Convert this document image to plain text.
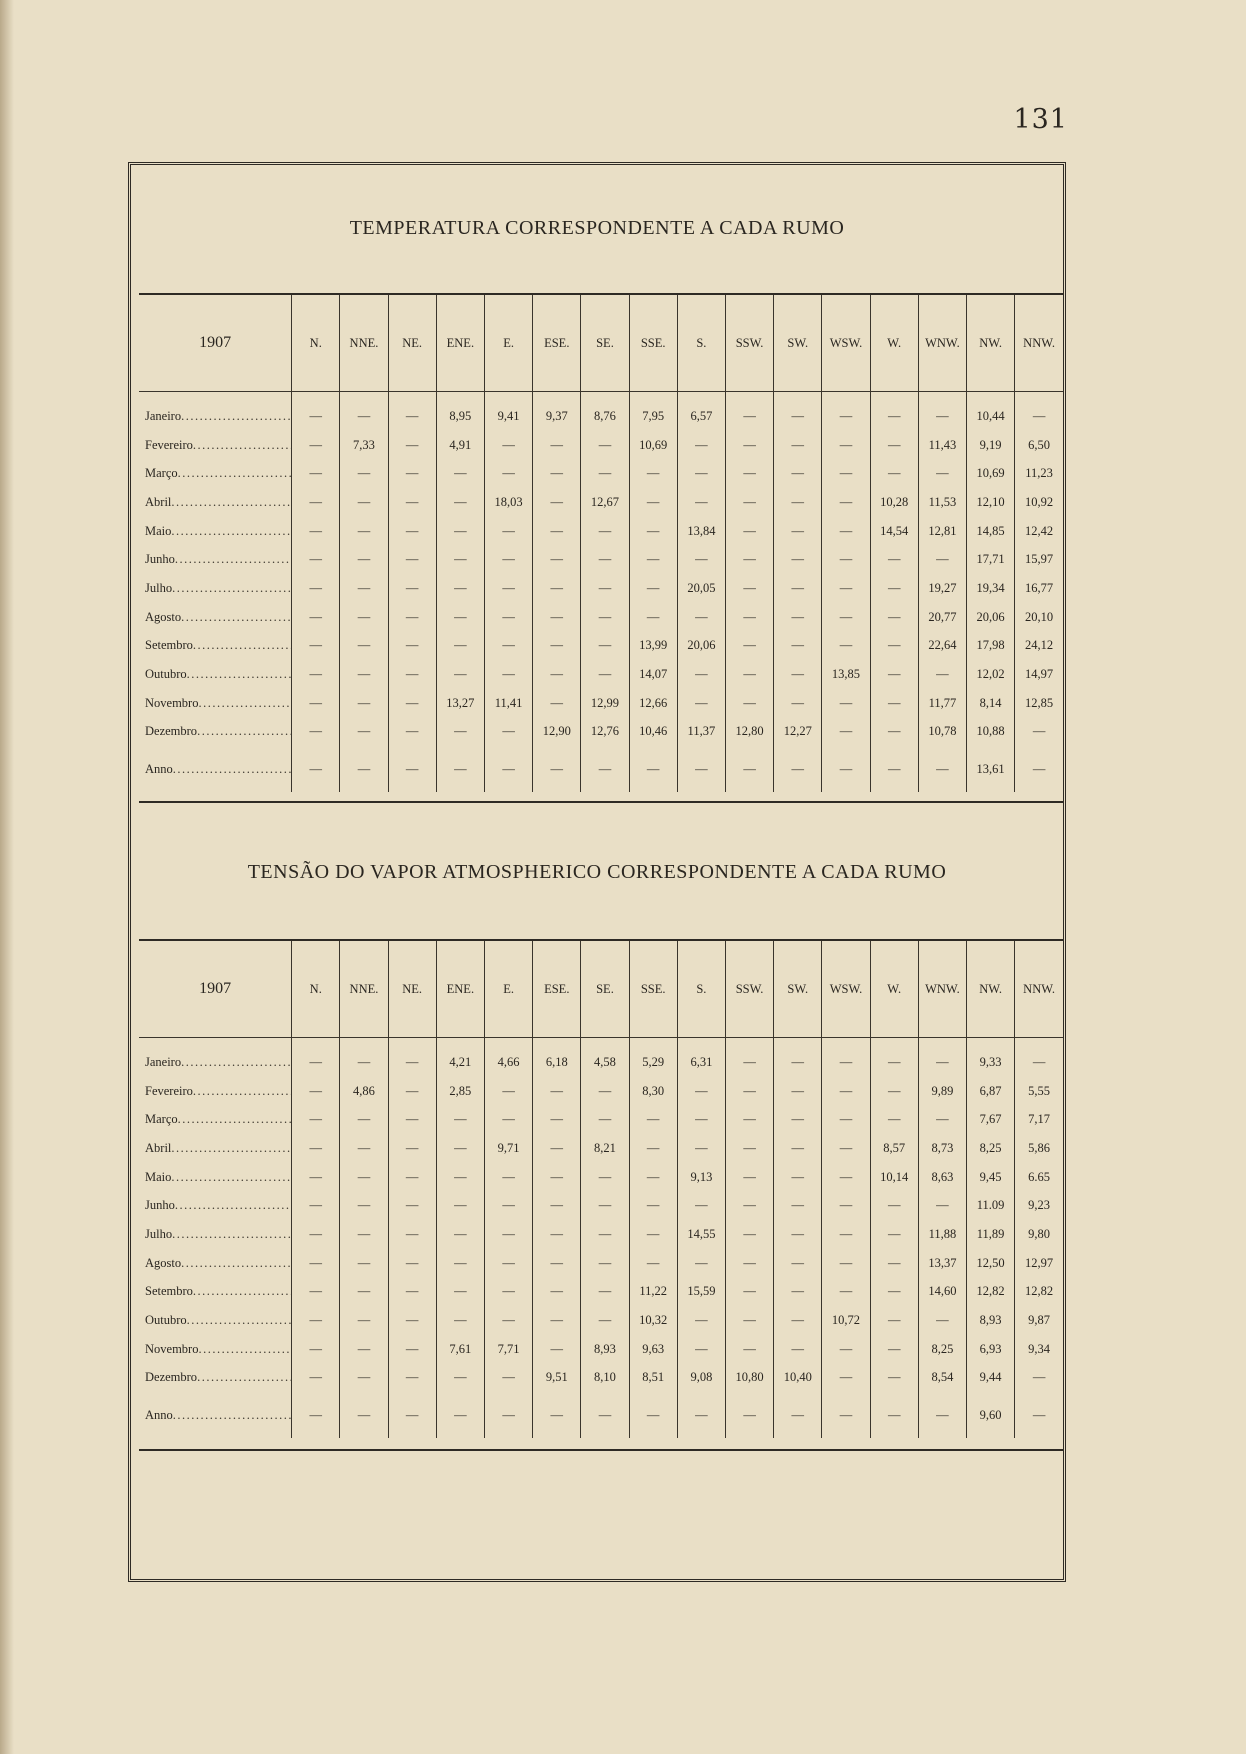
131
TEMPERATURA CORRESPONDENTE A CADA RUMO
1907	N.	NNE.	NE.	ENE.	E.	ESE.	SE.	SSE.	S.	SSW.	SW.	WSW.	W.	WNW.	NW.	NNW.
Janeiro .....	—	—	—	8,95	9,41	9,37	8,76	7,95	6,57	—	—	—	—	—	10,44	—
Fevereiro .....	—	7,33	—	4,91	—	—	—	10,69	—	—	—	—	—	11,43	9,19	6,50
Março .....	—	—	—	—	—	—	—	—	—	—	—	—	—	—	10,69	11,23
Abril .....	—	—	—	—	18,03	—	12,67	—	—	—	—	—	10,28	11,53	12,10	10,92
Maio .....	—	—	—	—	—	—	—	—	13,84	—	—	—	14,54	12,81	14,85	12,42
Junho .....	—	—	—	—	—	—	—	—	—	—	—	—	—	—	17,71	15,97
Julho .....	—	—	—	—	—	—	—	—	20,05	—	—	—	—	19,27	19,34	16,77
Agosto .....	—	—	—	—	—	—	—	—	—	—	—	—	—	20,77	20,06	20,10
Setembro .....	—	—	—	—	—	—	—	13,99	20,06	—	—	—	—	22,64	17,98	24,12
Outubro .....	—	—	—	—	—	—	—	14,07	—	—	—	13,85	—	—	12,02	14,97
Novembro .....	—	—	—	13,27	11,41	—	12,99	12,66	—	—	—	—	—	11,77	8,14	12,85
Dezembro .....	—	—	—	—	—	12,90	12,76	10,46	11,37	12,80	12,27	—	—	10,78	10,88	—
Anno .....	—	—	—	—	—	—	—	—	—	—	—	—	—	—	13,61	—
TENSÃO DO VAPOR ATMOSPHERICO CORRESPONDENTE A CADA RUMO
1907	N.	NNE.	NE.	ENE.	E.	ESE.	SE.	SSE.	S.	SSW.	SW.	WSW.	W.	WNW.	NW.	NNW.
Janeiro .....	—	—	—	4,21	4,66	6,18	4,58	5,29	6,31	—	—	—	—	—	9,33	—
Fevereiro .....	—	4,86	—	2,85	—	—	—	8,30	—	—	—	—	—	9,89	6,87	5,55
Março .....	—	—	—	—	—	—	—	—	—	—	—	—	—	—	7,67	7,17
Abril .....	—	—	—	—	9,71	—	8,21	—	—	—	—	—	8,57	8,73	8,25	5,86
Maio .....	—	—	—	—	—	—	—	—	9,13	—	—	—	10,14	8,63	9,45	6.65
Junho .....	—	—	—	—	—	—	—	—	—	—	—	—	—	—	11.09	9,23
Julho .....	—	—	—	—	—	—	—	—	14,55	—	—	—	—	11,88	11,89	9,80
Agosto .....	—	—	—	—	—	—	—	—	—	—	—	—	—	13,37	12,50	12,97
Setembro .....	—	—	—	—	—	—	—	11,22	15,59	—	—	—	—	14,60	12,82	12,82
Outubro .....	—	—	—	—	—	—	—	10,32	—	—	—	10,72	—	—	8,93	9,87
Novembro .....	—	—	—	7,61	7,71	—	8,93	9,63	—	—	—	—	—	8,25	6,93	9,34
Dezembro .....	—	—	—	—	—	9,51	8,10	8,51	9,08	10,80	10,40	—	—	8,54	9,44	—
Anno .....	—	—	—	—	—	—	—	—	—	—	—	—	—	—	9,60	—
